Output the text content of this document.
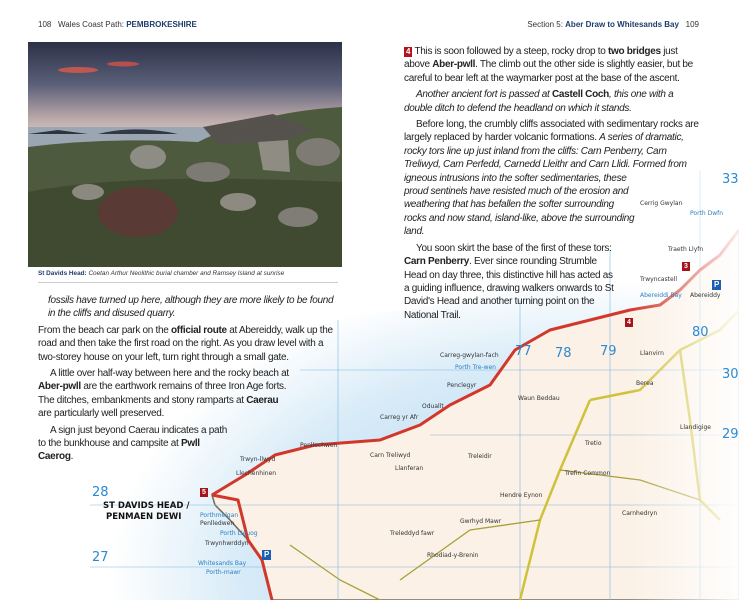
108 Wales Coast Path: PEMBROKESHIRE	Section 5: Aber Draw to Whitesands Bay 109
St Davids Head: Coetan Arthur Neolithic burial chamber and Ramsey Island at sunrise
ST DAVIDS HEAD /
PENMAEN DEWI
28
27
77 78 79
80
30
29
33
Penllechwen
Trwyn-llwyd
Llechenhinen
Porthmelgan
Penlledwen
Porth Lleuog
Trwynhwrddyn
Whitesands Bay
Porth-mawr
Carn Treliwyd
Llanferan
Penclegyr
Oduallt
Carreg yr Afr
Carreg-gwylan-fach
Porth Tre-wen
Treleidir
Trefin Common
Carnhedryn
Waun Beddau
Gwrhyd Mawr
Rhodiad-y-Brenin
Tretio
Berea
Llanvirn
Cerrig Gwylan
Porth Dwfn
Traeth Llyfn
Trwyncastell
Abereiddi Bay Abereiddy
Llandigige
Treleddyd fawr
Hendre Eynon
5
4
3
P
P

fossils have turned up here, although they are more likely to be found in the cliffs and disused quarry.

From the beach car park on the official route at Abereiddy, walk up the road and then take the first road on the right. As you draw level with a two-storey house on your left, turn right through a small gate.

A little over half-way between here and the rocky beach at Aber-pwll are the earthwork remains of three Iron Age forts. The ditches, embankments and stony ramparts at Caerau are particularly well preserved.

A sign just beyond Caerau indicates a path to the bunkhouse and campsite at Pwll Caerog.

4 This is soon followed by a steep, rocky drop to two bridges just above Aber-pwll. The climb out the other side is slightly easier, but be careful to bear left at the waymarker post at the base of the ascent.

Another ancient fort is passed at Castell Coch, this one with a double ditch to defend the headland on which it stands.

Before long, the crumbly cliffs associated with sedimentary rocks are largely replaced by harder volcanic formations. A series of dramatic, rocky tors line up just inland from the cliffs: Carn Penberry, Carn Treliwyd, Carn Perfedd, Carnedd Lleithr and Carn Llidi. Formed from igneous intrusions into the softer sedimentaries, these proud sentinels have resisted much of the erosion and weathering that has befallen the softer surrounding rocks and now stand, island-like, above the surrounding land.

You soon skirt the base of the first of these tors: Carn Penberry. Ever since rounding Strumble Head on day three, this distinctive hill has acted as a guiding influence, drawing walkers onwards to St David's Head and another turning point on the National Trail.
